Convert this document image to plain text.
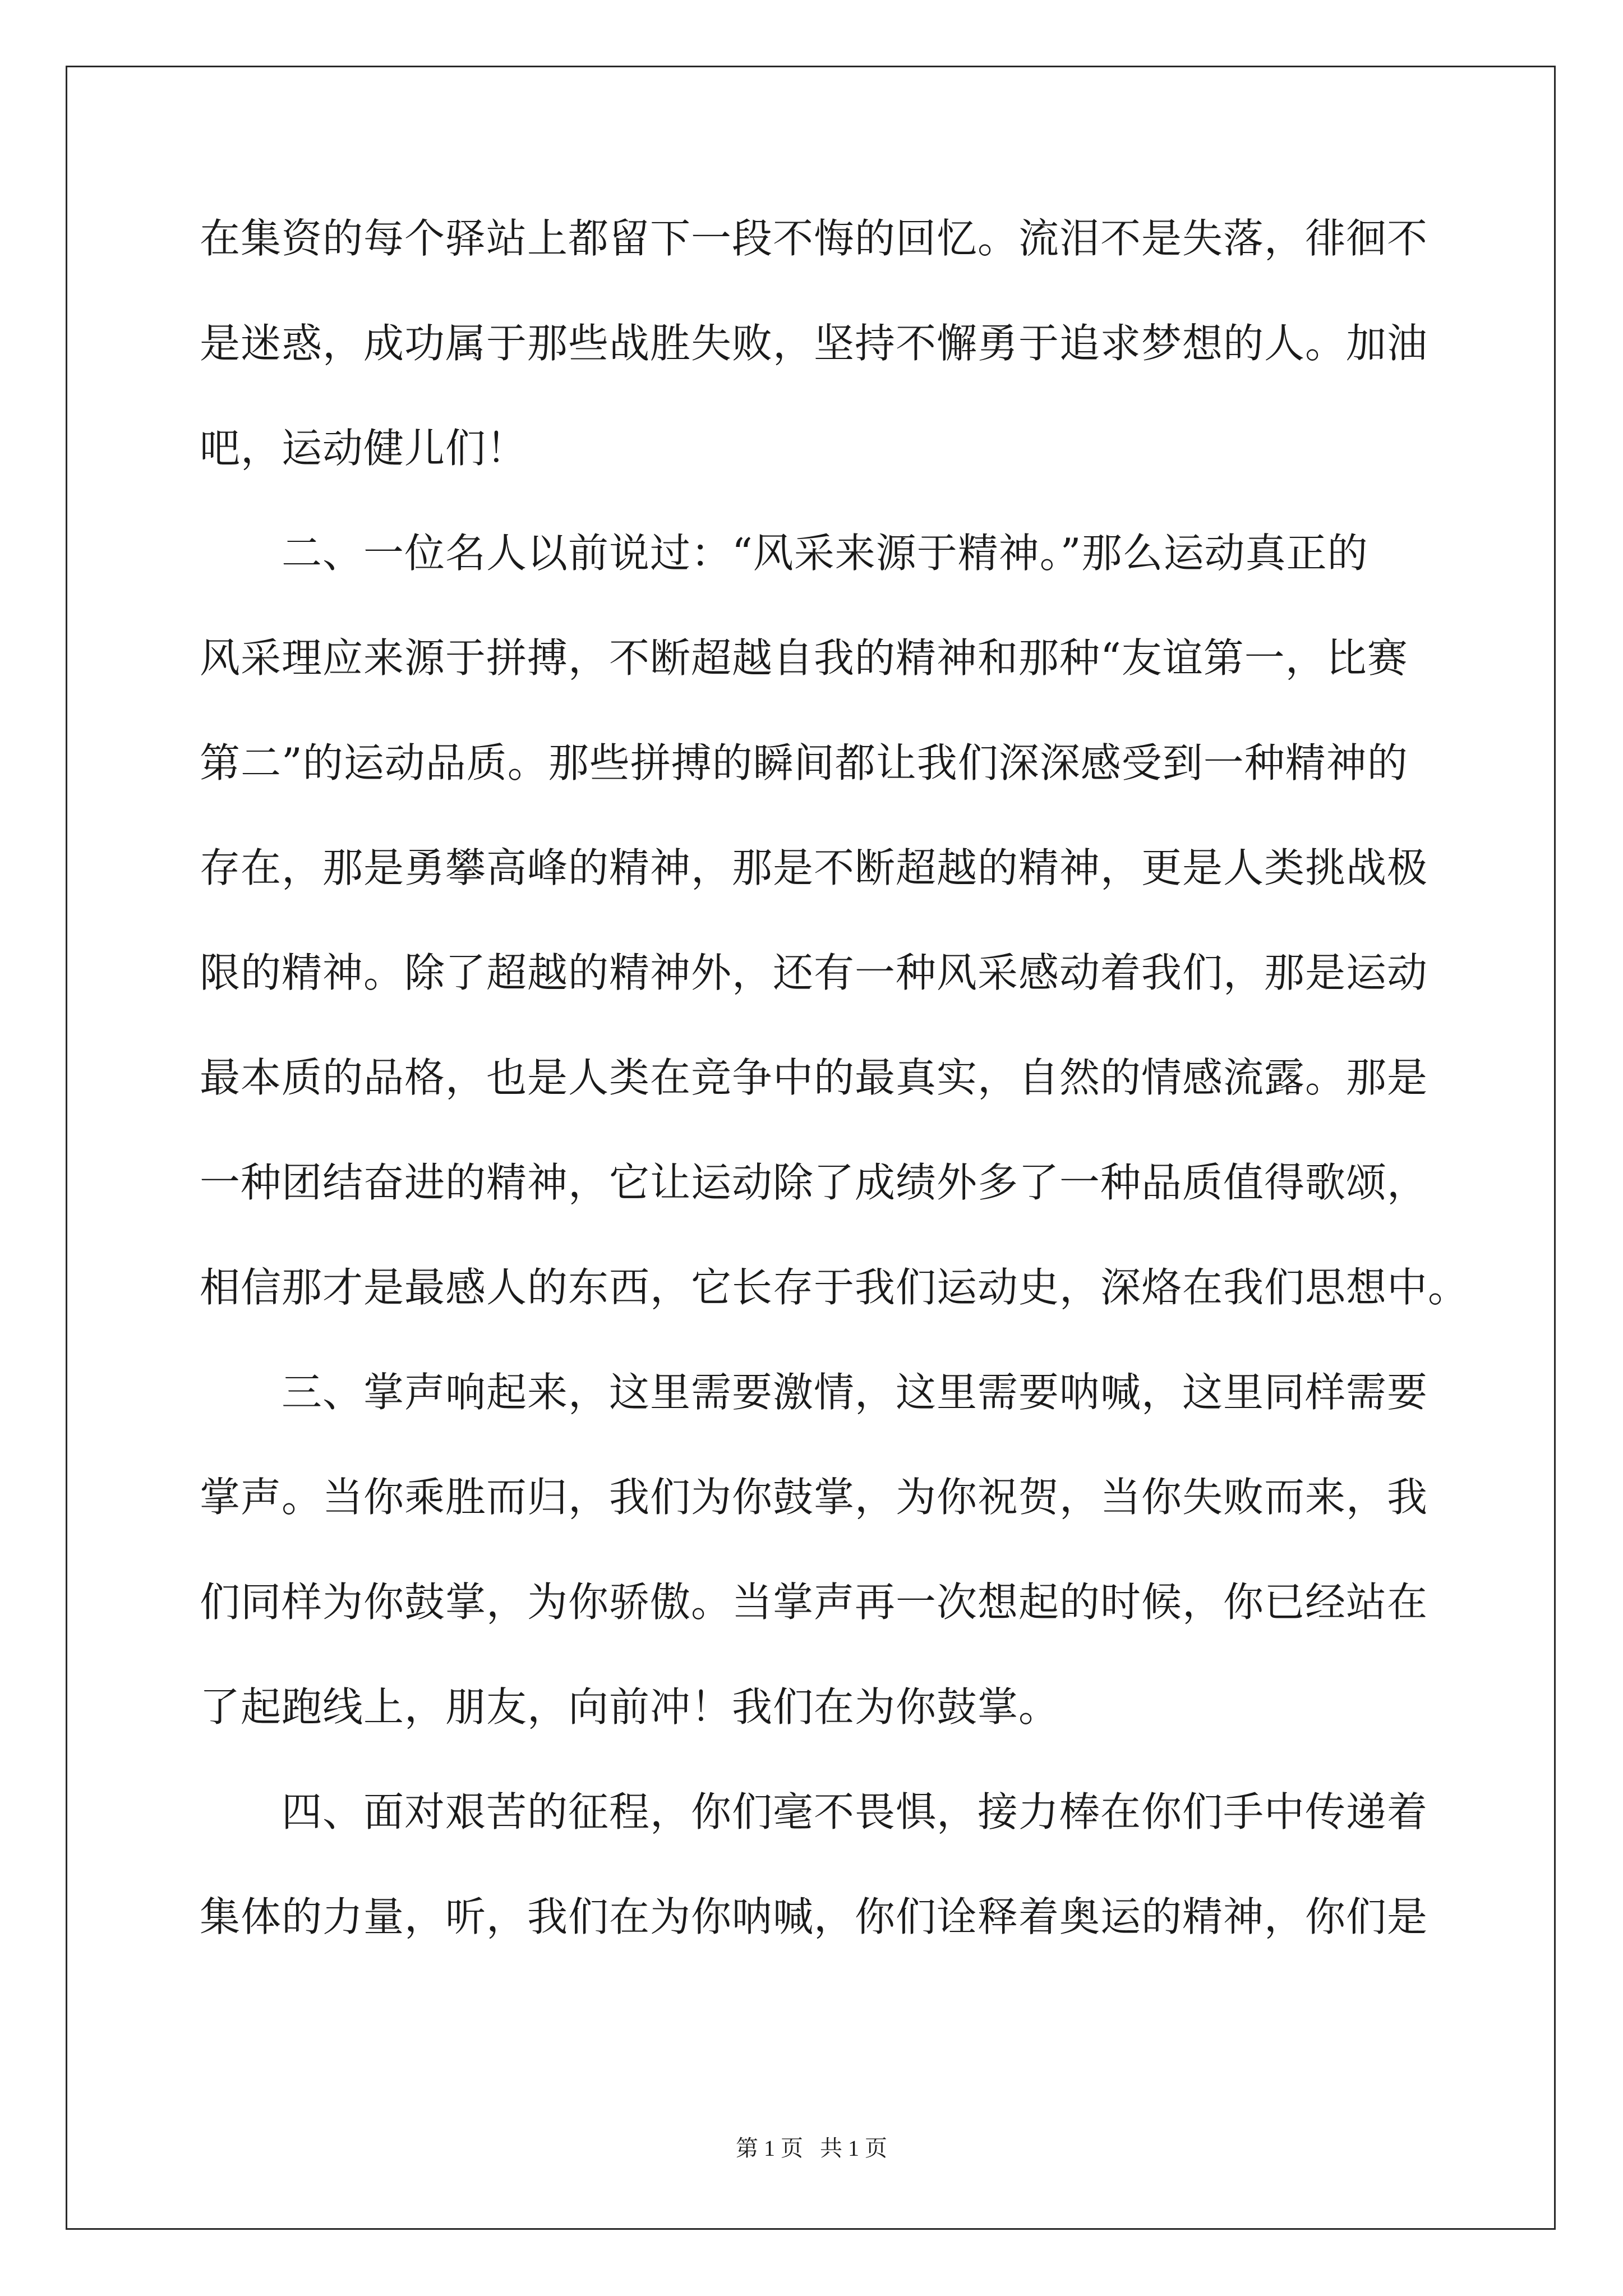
在集资的每个驿站上都留下一段不悔的回忆。流泪不是失落，徘徊不
是迷惑，成功属于那些战胜失败，坚持不懈勇于追求梦想的人。加油
吧，运动健儿们！
二、一位名人以前说过：“风采来源于精神。”那么运动真正的
风采理应来源于拼搏，不断超越自我的精神和那种“友谊第一，比赛
第二”的运动品质。那些拼搏的瞬间都让我们深深感受到一种精神的
存在，那是勇攀高峰的精神，那是不断超越的精神，更是人类挑战极
限的精神。除了超越的精神外，还有一种风采感动着我们，那是运动
最本质的品格，也是人类在竞争中的最真实，自然的情感流露。那是
一种团结奋进的精神，它让运动除了成绩外多了一种品质值得歌颂，
相信那才是最感人的东西，它长存于我们运动史，深烙在我们思想中。
三、掌声响起来，这里需要激情，这里需要呐喊，这里同样需要
掌声。当你乘胜而归，我们为你鼓掌，为你祝贺，当你失败而来，我
们同样为你鼓掌，为你骄傲。当掌声再一次想起的时候，你已经站在
了起跑线上，朋友，向前冲！我们在为你鼓掌。
四、面对艰苦的征程，你们毫不畏惧，接力棒在你们手中传递着
集体的力量，听，我们在为你呐喊，你们诠释着奥运的精神，你们是
第 1 页   共 1 页
